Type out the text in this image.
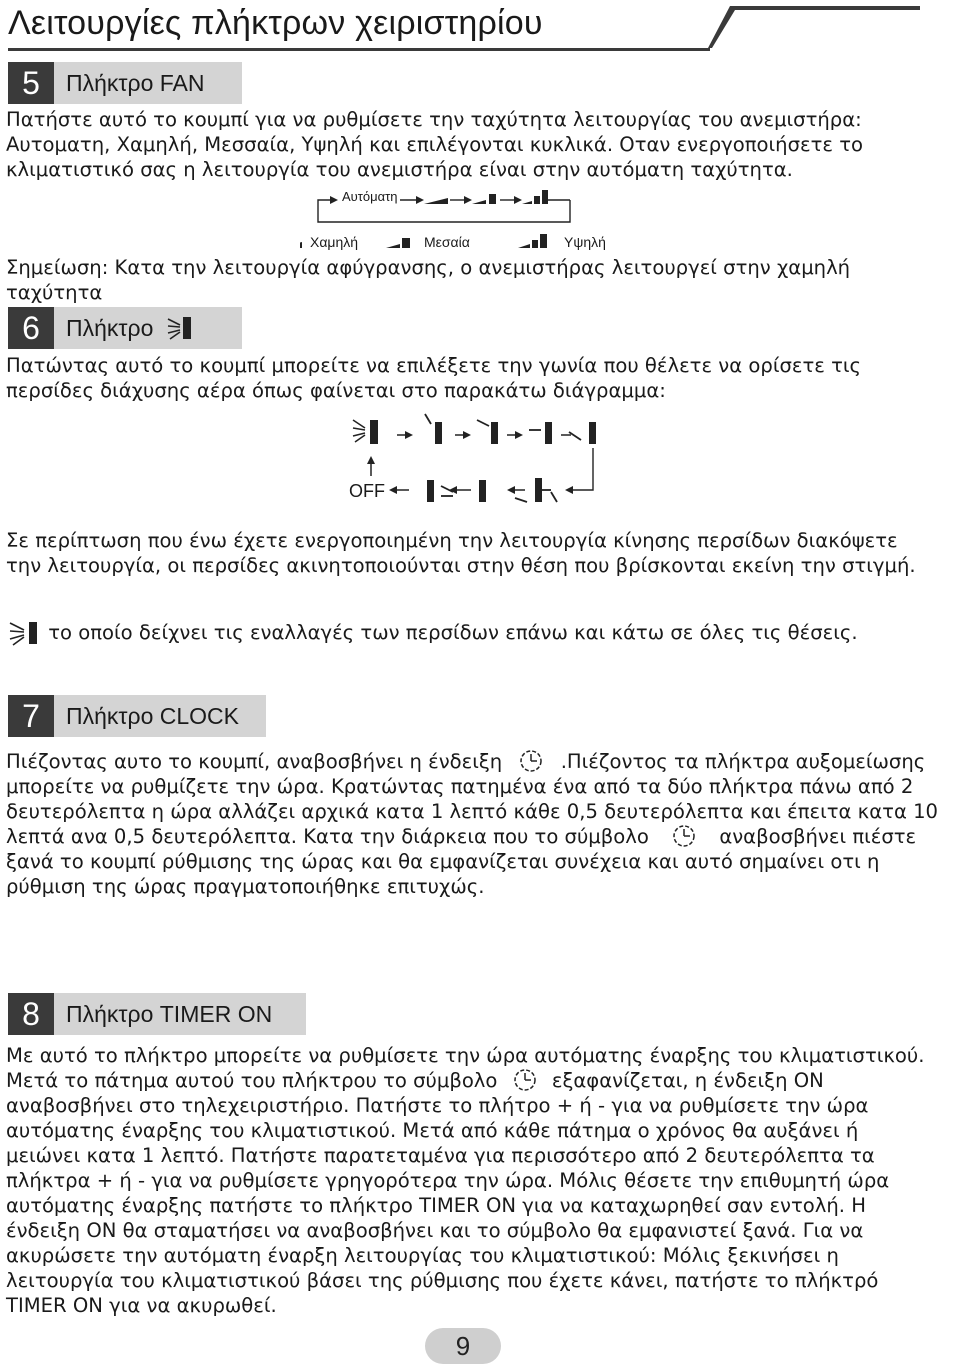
Λειτουργίες πλήκτρων χειριστηρίου
5	Πλήκτρο FAN
Πατήστε αυτό το κουμπί για να ρυθμίσετε την ταχύτητα λειτουργίας του ανεμιστήρα:
Αυτοματη, Χαμηλή, Μεσσαία, Υψηλή και επιλέγονται κυκλικά. Οταν ενεργοποιήσετε το
κλιματιστικό σας η λειτουργία του ανεμιστήρα είναι στην αυτόματη ταχύτητα.
Αυτόματη
Χαμηλή	Μεσαία	Υψηλή
Σημείωση: Κατα την λειτουργία αφύγρανσης, ο ανεμιστήρας λειτουργεί στην χαμηλή
ταχύτητα
6	Πλήκτρο
Πατώντας αυτό το κουμπί μπορείτε να επιλέξετε την γωνία που θέλετε να ορίσετε τις
περσίδες διάχυσης αέρα όπως φαίνεται στο παρακάτω διάγραμμα:
OFF
Σε περίπτωση που ένω έχετε ενεργοποιημένη την λειτουργία κίνησης περσίδων διακόψετε
την λειτουργία, οι περσίδες ακινητοποιούνται στην θέση που βρίσκονται εκείνη την στιγμή.
το οποίο δείχνει τις εναλλαγές των περσίδων επάνω και κάτω σε όλες τις θέσεις.
7	Πλήκτρο CLOCK
Πιέζοντας αυτο το κουμπί, αναβοσβήνει η ένδειξη	.Πιέζοντος τα πλήκτρα αυξομείωσης
μπορείτε να ρυθμίζετε την ώρα. Κρατώντας πατημένα ένα από τα δύο πλήκτρα πάνω από 2
δευτερόλεπτα η ώρα αλλάζει αρχικά κατα 1 λεπτό κάθε 0,5 δευτερόλεπτα και έπειτα κατα 10
λεπτά ανα 0,5 δευτερόλεπτα. Κατα την διάρκεια που το σύμβολο	αναβοσβήνει πιέστε
ξανά το κουμπί ρύθμισης της ώρας και θα εμφανίζεται συνέχεια και αυτό σημαίνει οτι η
ρύθμιση της ώρας πραγματοποιήθηκε επιτυχώς.
8	Πλήκτρο TIMER ON
Με αυτό το πλήκτρο μπορείτε να ρυθμίσετε την ώρα αυτόματης έναρξης του κλιματιστικού.
Μετά το πάτημα αυτού του πλήκτρου το σύμβολο	εξαφανίζεται, η ένδειξη ON
αναβοσβήνει στο τηλεχειριστήριο. Πατήστε το πλήτρο + ή - για να ρυθμίσετε την ώρα
αυτόματης έναρξης του κλιματιστικού. Μετά από κάθε πάτημα ο χρόνος θα αυξάνει ή
μειώνει κατα 1 λεπτό. Πατήστε παρατεταμένα για περισσότερο από 2 δευτερόλεπτα τα
πλήκτρα + ή - για να ρυθμίσετε γρηγορότερα την ώρα. Μόλις θέσετε την επιθυμητή ώρα
αυτόματης έναρξης πατήστε το πλήκτρο TIMER ON για να καταχωρηθεί σαν εντολή. Η
ένδειξη ON θα σταματήσει να αναβοσβήνει και το σύμβολο θα εμφανιστεί ξανά. Για να
ακυρώσετε την αυτόματη έναρξη λειτουργίας του κλιματιστικού: Μόλις ξεκινήσει η
λειτουργία του κλιματιστικού βάσει της ρύθμισης που έχετε κάνει, πατήστε το πλήκτρό
TIMER ON για να ακυρωθεί.
9
